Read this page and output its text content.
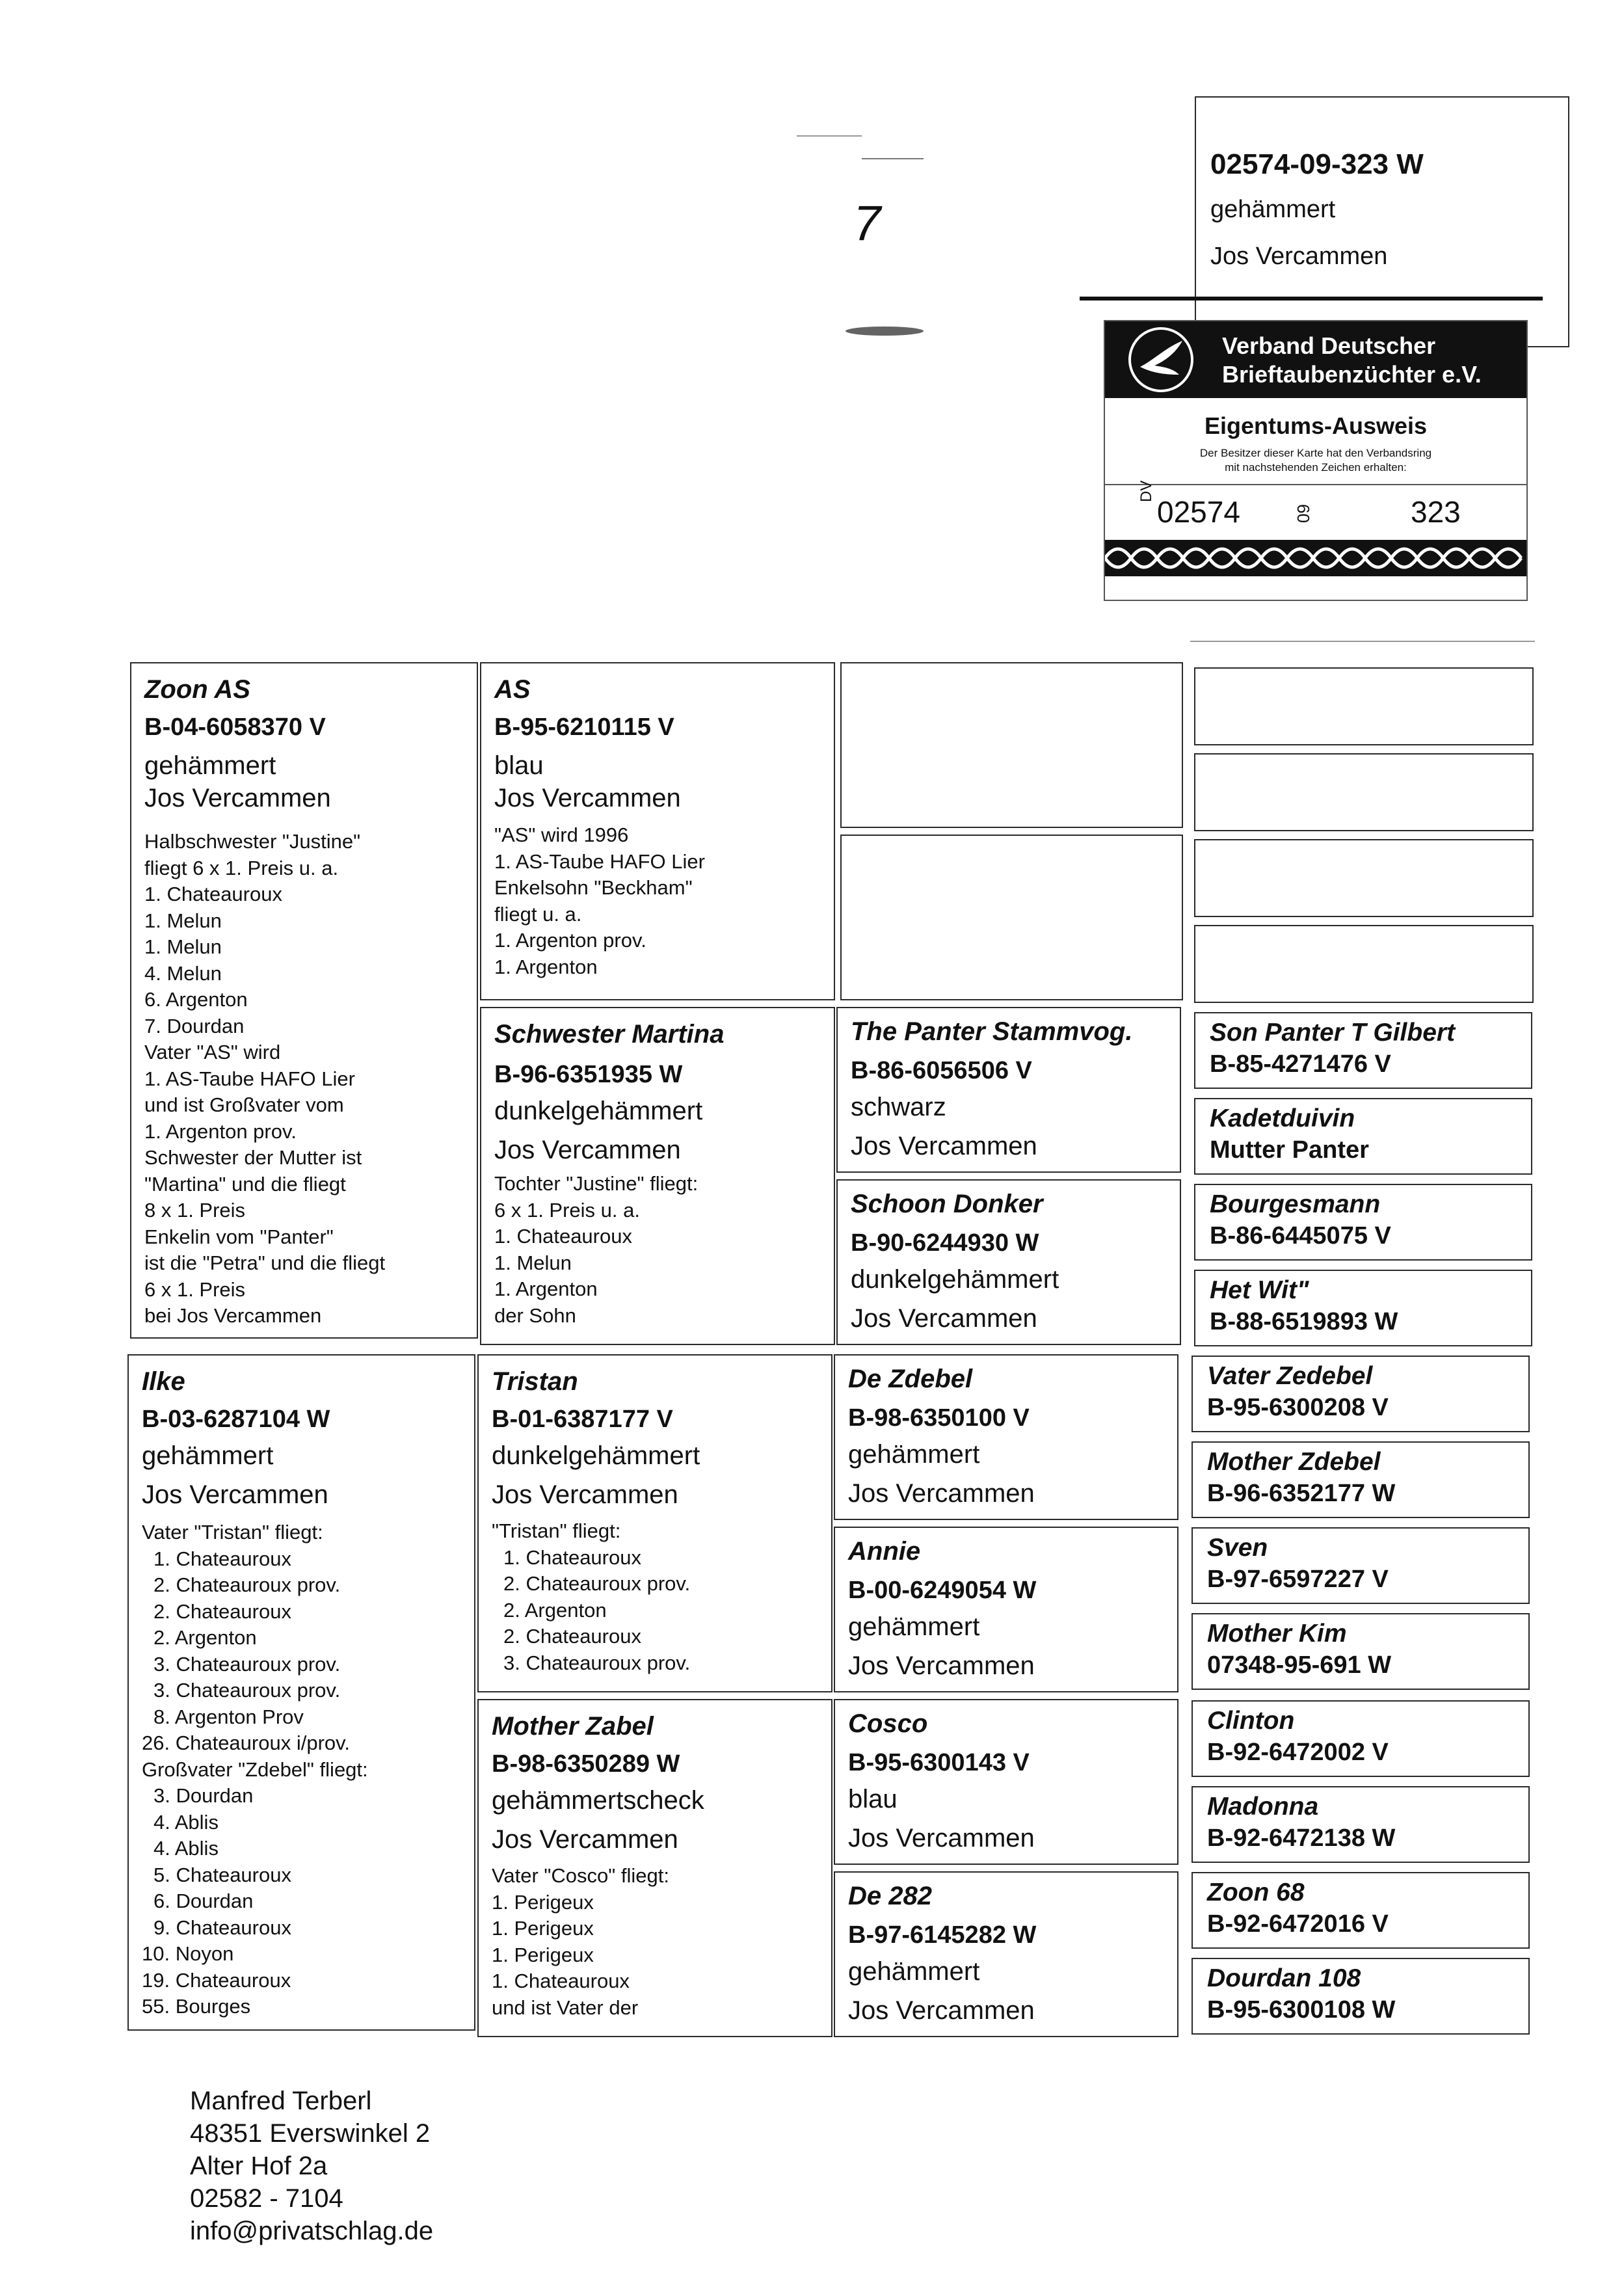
7
02574-09-323 W
gehämmert
Jos Vercammen
Verband Deutscher
Brieftaubenzüchter e.V.
Eigentums-Ausweis
Der Besitzer dieser Karte hat den Verbandsring
mit nachstehenden Zeichen erhalten:
DV
02574	09	323
Zoon AS
B-04-6058370 V
gehämmert
Jos Vercammen
Halbschwester "Justine"
fliegt 6 x 1. Preis u. a.
1. Chateauroux
1. Melun
1. Melun
4. Melun
6. Argenton
7. Dourdan
Vater "AS" wird
1. AS-Taube HAFO Lier
und ist Großvater vom
1. Argenton prov.
Schwester der Mutter ist
"Martina" und die fliegt
8 x 1. Preis
Enkelin vom "Panter"
ist die "Petra" und die fliegt
6 x 1. Preis
bei Jos Vercammen
Ilke
B-03-6287104 W
gehämmert
Jos Vercammen
Vater "Tristan" fliegt:
1. Chateauroux
2. Chateauroux prov.
2. Chateauroux
2. Argenton
3. Chateauroux prov.
3. Chateauroux prov.
8. Argenton Prov
26. Chateauroux i/prov.
Großvater "Zdebel" fliegt:
3. Dourdan
4. Ablis
4. Ablis
5. Chateauroux
6. Dourdan
9. Chateauroux
10. Noyon
19. Chateauroux
55. Bourges
AS
B-95-6210115 V
blau
Jos Vercammen
"AS" wird 1996
1. AS-Taube HAFO Lier
Enkelsohn "Beckham"
fliegt u. a.
1. Argenton prov.
1. Argenton
Schwester Martina
B-96-6351935 W
dunkelgehämmert
Jos Vercammen
Tochter "Justine" fliegt:
6 x 1. Preis u. a.
1. Chateauroux
1. Melun
1. Argenton
der Sohn
Tristan
B-01-6387177 V
dunkelgehämmert
Jos Vercammen
"Tristan" fliegt:
1. Chateauroux
2. Chateauroux prov.
2. Argenton
2. Chateauroux
3. Chateauroux prov.
Mother Zabel
B-98-6350289 W
gehämmertscheck
Jos Vercammen
Vater "Cosco" fliegt:
1. Perigeux
1. Perigeux
1. Perigeux
1. Chateauroux
und ist Vater der
The Panter Stammvog.
B-86-6056506 V
schwarz
Jos Vercammen
Schoon Donker
B-90-6244930 W
dunkelgehämmert
Jos Vercammen
De Zdebel
B-98-6350100 V
gehämmert
Jos Vercammen
Annie
B-00-6249054 W
gehämmert
Jos Vercammen
Cosco
B-95-6300143 V
blau
Jos Vercammen
De 282
B-97-6145282 W
gehämmert
Jos Vercammen
Son Panter T Gilbert
B-85-4271476 V
Kadetduivin
Mutter Panter
Bourgesmann
B-86-6445075 V
Het Wit"
B-88-6519893 W
Vater Zedebel
B-95-6300208 V
Mother Zdebel
B-96-6352177 W
Sven
B-97-6597227 V
Mother Kim
07348-95-691 W
Clinton
B-92-6472002 V
Madonna
B-92-6472138 W
Zoon 68
B-92-6472016 V
Dourdan 108
B-95-6300108 W
Manfred Terberl
48351 Everswinkel 2
Alter Hof 2a
02582 - 7104
info@privatschlag.de
